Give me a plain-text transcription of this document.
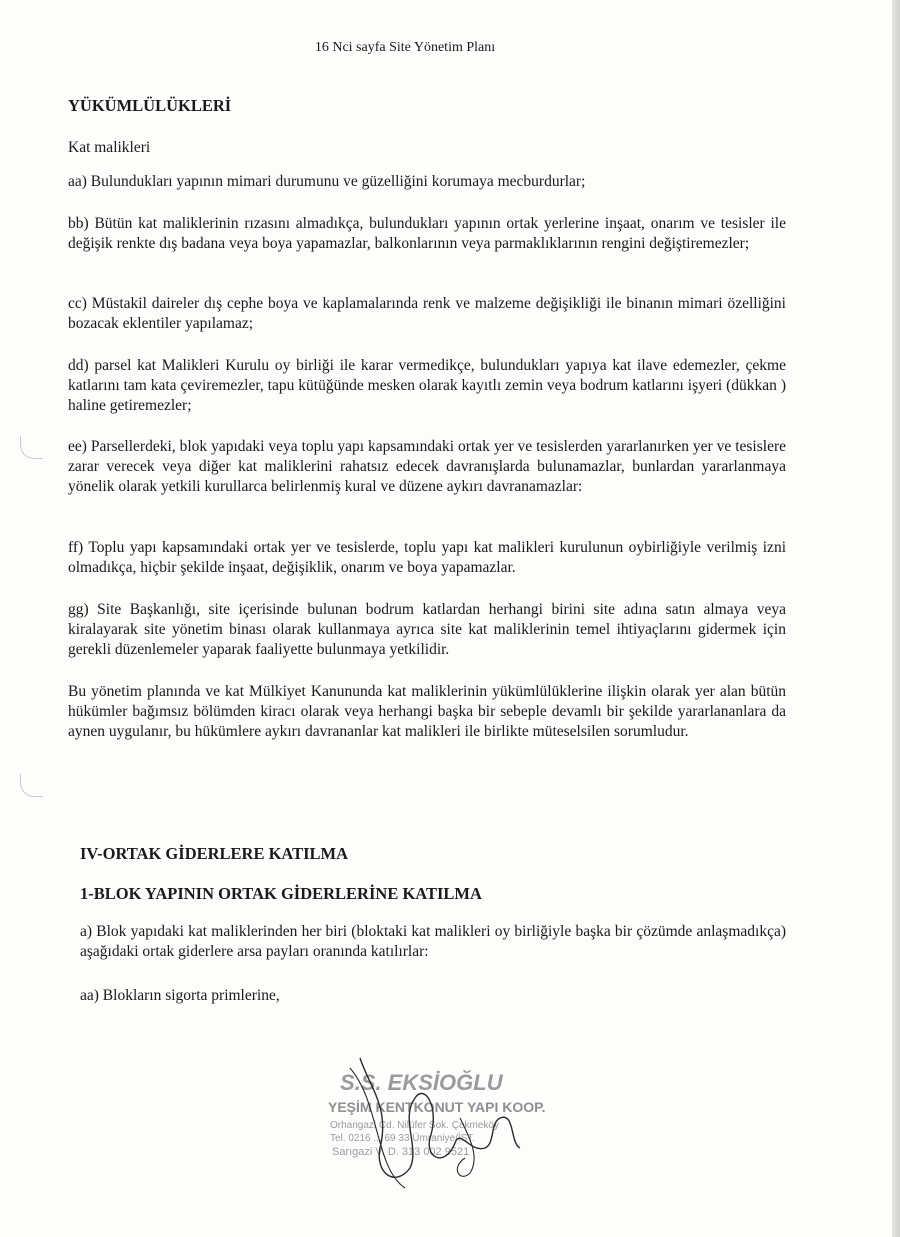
16 Nci sayfa Site Yönetim Planı
YÜKÜMLÜLÜKLERİ
Kat malikleri
aa) Bulundukları yapının mimari durumunu ve güzelliğini korumaya mecburdurlar;
bb) Bütün kat maliklerinin rızasını almadıkça, bulundukları yapının ortak yerlerine inşaat, onarım ve tesisler ile değişik renkte dış badana veya boya yapamazlar, balkonlarının veya parmaklıklarının rengini değiştiremezler;
cc) Müstakil daireler dış cephe boya ve kaplamalarında renk ve malzeme değişikliği ile binanın mimari özelliğini bozacak eklentiler yapılamaz;
dd) parsel kat Malikleri Kurulu oy birliği ile karar vermedikçe, bulundukları yapıya kat ilave edemezler, çekme katlarını tam kata çeviremezler, tapu kütüğünde mesken olarak kayıtlı zemin veya bodrum katlarını işyeri (dükkan ) haline getiremezler;
ee) Parsellerdeki, blok yapıdaki veya toplu yapı kapsamındaki ortak yer ve tesislerden yararlanırken yer ve tesislere zarar verecek veya diğer kat maliklerini rahatsız edecek davranışlarda bulunamazlar, bunlardan yararlanmaya yönelik olarak yetkili kurullarca belirlenmiş kural ve düzene aykırı davranamazlar:
ff) Toplu yapı kapsamındaki ortak yer ve tesislerde, toplu yapı kat malikleri kurulunun oybirliğiyle verilmiş izni olmadıkça, hiçbir şekilde inşaat, değişiklik, onarım ve boya yapamazlar.
gg) Site Başkanlığı, site içerisinde bulunan bodrum katlardan herhangi birini site adına satın almaya veya kiralayarak site yönetim binası olarak kullanmaya ayrıca site kat maliklerinin temel ihtiyaçlarını gidermek için gerekli düzenlemeler yaparak faaliyette bulunmaya yetkilidir.
Bu yönetim planında ve kat Mülkiyet Kanununda kat maliklerinin yükümlülüklerine ilişkin olarak yer alan bütün hükümler bağımsız bölümden kiracı olarak veya herhangi başka bir sebeple devamlı bir şekilde yararlananlara da aynen uygulanır, bu hükümlere aykırı davrananlar kat malikleri ile birlikte müteselsilen sorumludur.
IV-ORTAK GİDERLERE KATILMA
1-BLOK YAPININ ORTAK GİDERLERİNE KATILMA
a) Blok yapıdaki kat maliklerinden her biri (bloktaki kat malikleri oy birliğiyle başka bir çözümde anlaşmadıkça) aşağıdaki ortak giderlere arsa payları oranında katılırlar:
aa) Blokların sigorta primlerine,
S.S. EKSİOĞLU
YEŞİM KENTKONUT YAPI KOOP.
Orhangazi Cd. Nilüfer Sok. Çekmeköy
Tel. 0216 ... 69 33 Ümraniye/İST.
Sarıgazi V. D. 313 002 9521
